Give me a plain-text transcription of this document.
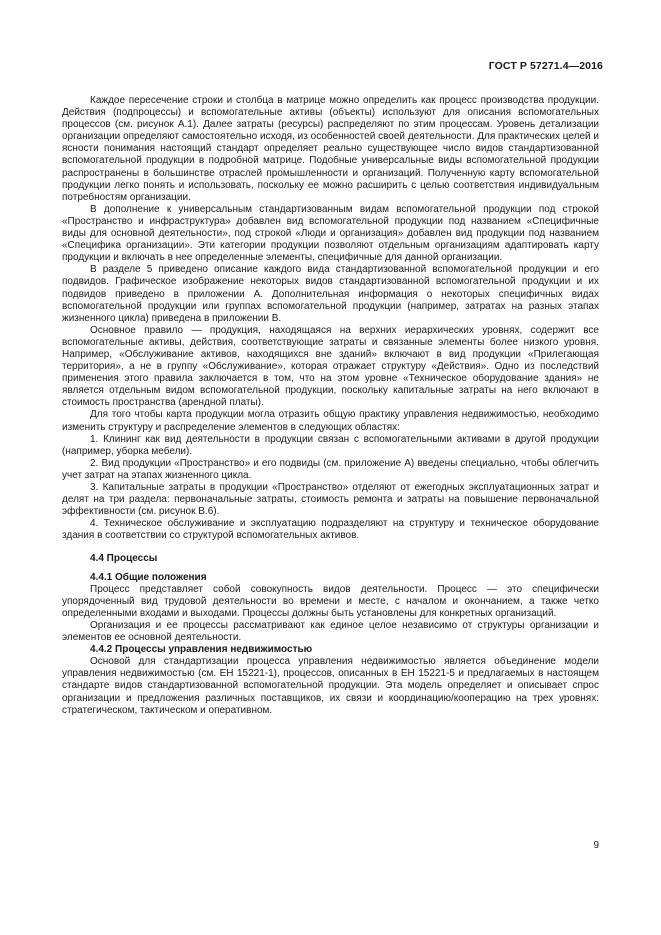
ГОСТ Р 57271.4—2016

Каждое пересечение строки и столбца в матрице можно определить как процесс производства продукции. Действия (подпроцессы) и вспомогательные активы (объекты) используют для описания вспомогательных процессов (см. рисунок А.1). Далее затраты (ресурсы) распределяют по этим процессам. Уровень детализации организации определяют самостоятельно исходя, из особенностей своей деятельности. Для практических целей и ясности понимания настоящий стандарт определяет реально существующее число видов стандартизованной вспомогательной продукции в подробной матрице. Подобные универсальные виды вспомогательной продукции распространены в большинстве отраслей промышленности и организаций. Полученную карту вспомогательной продукции легко понять и использовать, поскольку ее можно расширить с целью соответствия индивидуальным потребностям организации.

В дополнение к универсальным стандартизованным видам вспомогательной продукции под строкой «Пространство и инфраструктура» добавлен вид вспомогательной продукции под названием «Специфичные виды для основной деятельности», под строкой «Люди и организация» добавлен вид продукции под названием «Специфика организации». Эти категории продукции позволяют отдельным организациям адаптировать карту продукции и включать в нее определенные элементы, специфичные для данной организации.

В разделе 5 приведено описание каждого вида стандартизованной вспомогательной продукции и его подвидов. Графическое изображение некоторых видов стандартизованной вспомогательной продукции и их подвидов приведено в приложении А. Дополнительная информация о некоторых специфичных видах вспомогательной продукции или группах вспомогательной продукции (например, затратах на разных этапах жизненного цикла) приведена в приложении В.

Основное правило — продукция, находящаяся на верхних иерархических уровнях, содержит все вспомогательные активы, действия, соответствующие затраты и связанные элементы более низкого уровня. Например, «Обслуживание активов, находящихся вне зданий» включают в вид продукции «Прилегающая территория», а не в группу «Обслуживание», которая отражает структуру «Действия». Одно из последствий применения этого правила заключается в том, что на этом уровне «Техническое оборудование здания» не является отдельным видом вспомогательной продукции, поскольку капитальные затраты на него включают в стоимость пространства (арендной платы).

Для того чтобы карта продукции могла отразить общую практику управления недвижимостью, необходимо изменить структуру и распределение элементов в следующих областях:

1. Клининг как вид деятельности в продукции связан с вспомогательными активами в другой продукции (например, уборка мебели).

2. Вид продукции «Пространство» и его подвиды (см. приложение А) введены специально, чтобы облегчить учет затрат на этапах жизненного цикла.

3. Капитальные затраты в продукции «Пространство» отделяют от ежегодных эксплуатационных затрат и делят на три раздела: первоначальные затраты, стоимость ремонта и затраты на повышение первоначальной эффективности (см. рисунок В.6).

4. Техническое обслуживание и эксплуатацию подразделяют на структуру и техническое оборудование здания в соответствии со структурой вспомогательных активов.

4.4 Процессы
4.4.1 Общие положения

Процесс представляет собой совокупность видов деятельности. Процесс — это специфически упорядоченный вид трудовой деятельности во времени и месте, с началом и окончанием, а также четко определенными входами и выходами. Процессы должны быть установлены для конкретных организаций.

Организация и ее процессы рассматривают как единое целое независимо от структуры организации и элементов ее основной деятельности.

4.4.2 Процессы управления недвижимостью

Основой для стандартизации процесса управления недвижимостью является объединение модели управления недвижимостью (см. ЕН 15221-1), процессов, описанных в ЕН 15221-5 и предлагаемых в настоящем стандарте видов стандартизованной вспомогательной продукции. Эта модель определяет и описывает спрос организации и предложения различных поставщиков, их связи и координацию/кооперацию на трех уровнях: стратегическом, тактическом и оперативном.

9
